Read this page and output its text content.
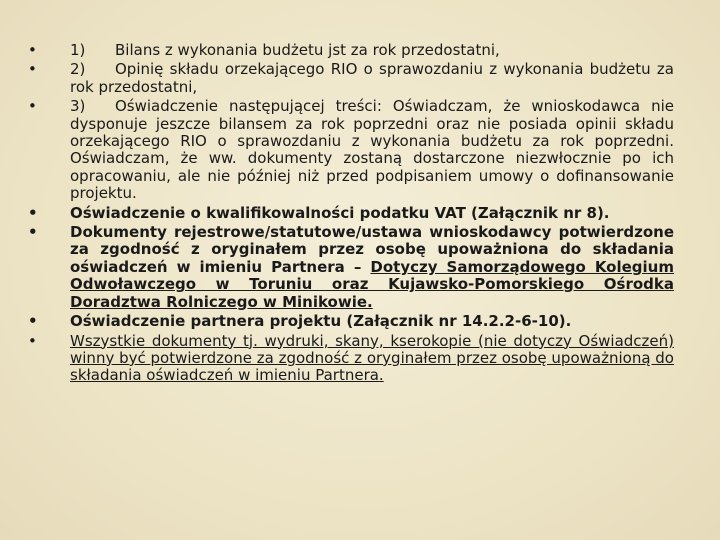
•	1) Bilans z wykonania budżetu jst za rok przedostatni,
•	2) Opinię składu orzekającego RIO o sprawozdaniu z wykonania budżetu za rok przedostatni,
•	3) Oświadczenie następującej treści: Oświadczam, że wnioskodawca nie dysponuje jeszcze bilansem za rok poprzedni oraz nie posiada opinii składu orzekającego RIO o sprawozdaniu z wykonania budżetu za rok poprzedni. Oświadczam, że ww. dokumenty zostaną dostarczone niezwłocznie po ich opracowaniu, ale nie później niż przed podpisaniem umowy o dofinansowanie projektu.
• Oświadczenie o kwalifikowalności podatku VAT (Załącznik nr 8).
• Dokumenty rejestrowe/statutowe/ustawa wnioskodawcy potwierdzone za zgodność z oryginałem przez osobę upoważniona do składania oświadczeń w imieniu Partnera – Dotyczy Samorządowego Kolegium Odwoławczego w Toruniu oraz Kujawsko-Pomorskiego Ośrodka Doradztwa Rolniczego w Minikowie.
• Oświadczenie partnera projektu (Załącznik nr 14.2.2-6-10).
•	Wszystkie dokumenty tj. wydruki, skany, kserokopie (nie dotyczy Oświadczeń) winny być potwierdzone za zgodność z oryginałem przez osobę upoważnioną do składania oświadczeń w imieniu Partnera.
